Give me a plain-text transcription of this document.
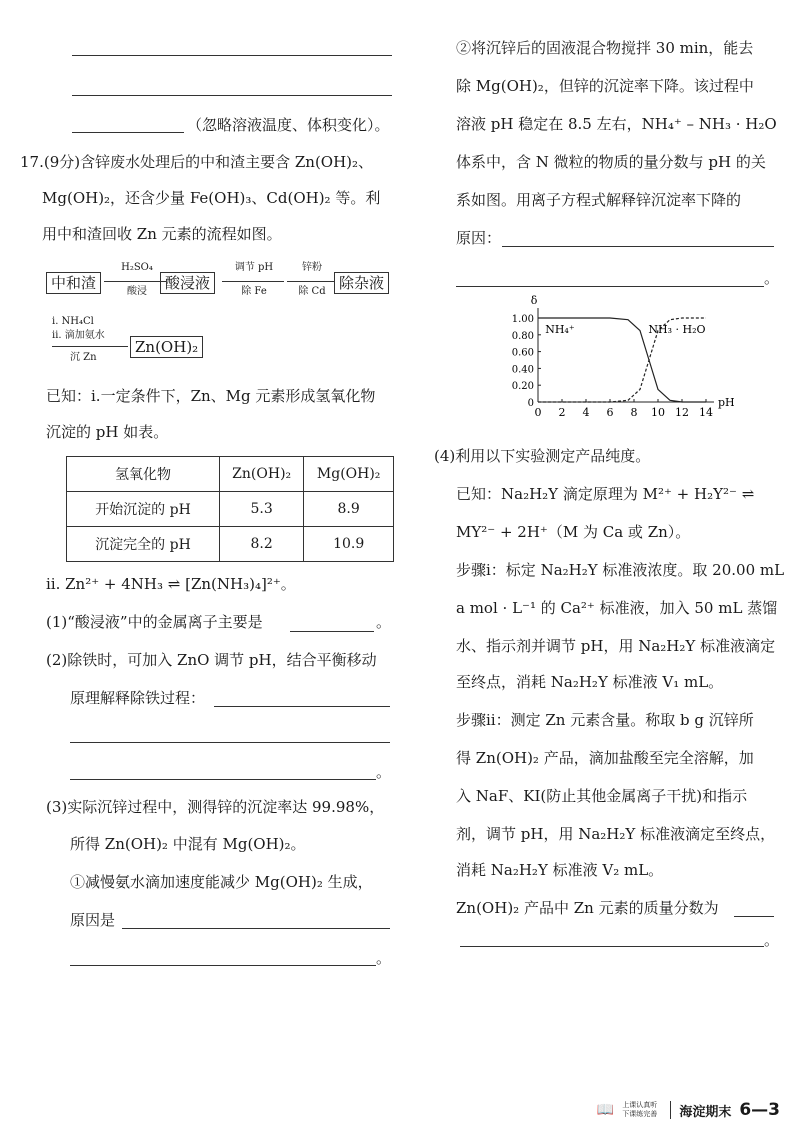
（忽略溶液温度、体积变化）。
17.(9分)含锌废水处理后的中和渣主要含 Zn(OH)₂、
Mg(OH)₂，还含少量 Fe(OH)₃、Cd(OH)₂ 等。利
用中和渣回收 Zn 元素的流程如图。
中和渣
H₂SO₄
酸浸	酸浸液
调节 pH
除 Fe
锌粉
除 Cd 除杂液
ⅰ. NH₄Cl
ⅱ. 滴加氨水
沉 Zn
Zn(OH)₂
已知：ⅰ.一定条件下，Zn、Mg 元素形成氢氧化物
沉淀的 pH 如表。
氢氧化物	Zn(OH)₂	Mg(OH)₂
开始沉淀的 pH	5.3	8.9
沉淀完全的 pH	8.2	10.9
ⅱ. Zn²⁺ + 4NH₃ ⇌ [Zn(NH₃)₄]²⁺。
(1)“酸浸液”中的金属离子主要是	。
(2)除铁时，可加入 ZnO 调节 pH，结合平衡移动
原理解释除铁过程：
。
(3)实际沉锌过程中，测得锌的沉淀率达 99.98%，
所得 Zn(OH)₂ 中混有 Mg(OH)₂。
①减慢氨水滴加速度能减少 Mg(OH)₂ 生成，
原因是
。
②将沉锌后的固液混合物搅拌 30 min，能去
除 Mg(OH)₂，但锌的沉淀率下降。该过程中
溶液 pH 稳定在 8.5 左右，NH₄⁺ – NH₃ · H₂O
体系中，含 N 微粒的物质的量分数与 pH 的关
系如图。用离子方程式解释锌沉淀率下降的
原因：
。
δ
pH
0 2 4 6 8 10 12 14
0
0.20
0.40
0.60
0.80
1.00
NH₄⁺	NH₃ · H₂O
(4)利用以下实验测定产品纯度。
已知：Na₂H₂Y 滴定原理为 M²⁺ + H₂Y²⁻ ⇌
MY²⁻ + 2H⁺（M 为 Ca 或 Zn）。
步骤ⅰ：标定 Na₂H₂Y 标准液浓度。取 20.00 mL
a mol · L⁻¹ 的 Ca²⁺ 标准液，加入 50 mL 蒸馏
水、指示剂并调节 pH，用 Na₂H₂Y 标准液滴定
至终点，消耗 Na₂H₂Y 标准液 V₁ mL。
步骤ⅱ：测定 Zn 元素含量。称取 b g 沉锌所
得 Zn(OH)₂ 产品，滴加盐酸至完全溶解，加
入 NaF、KI(防止其他金属离子干扰)和指示
剂，调节 pH，用 Na₂H₂Y 标准液滴定至终点，
消耗 Na₂H₂Y 标准液 V₂ mL。
Zn(OH)₂ 产品中 Zn 元素的质量分数为
。
📖 上课认真听 下课练完善	海淀期末 6—3
